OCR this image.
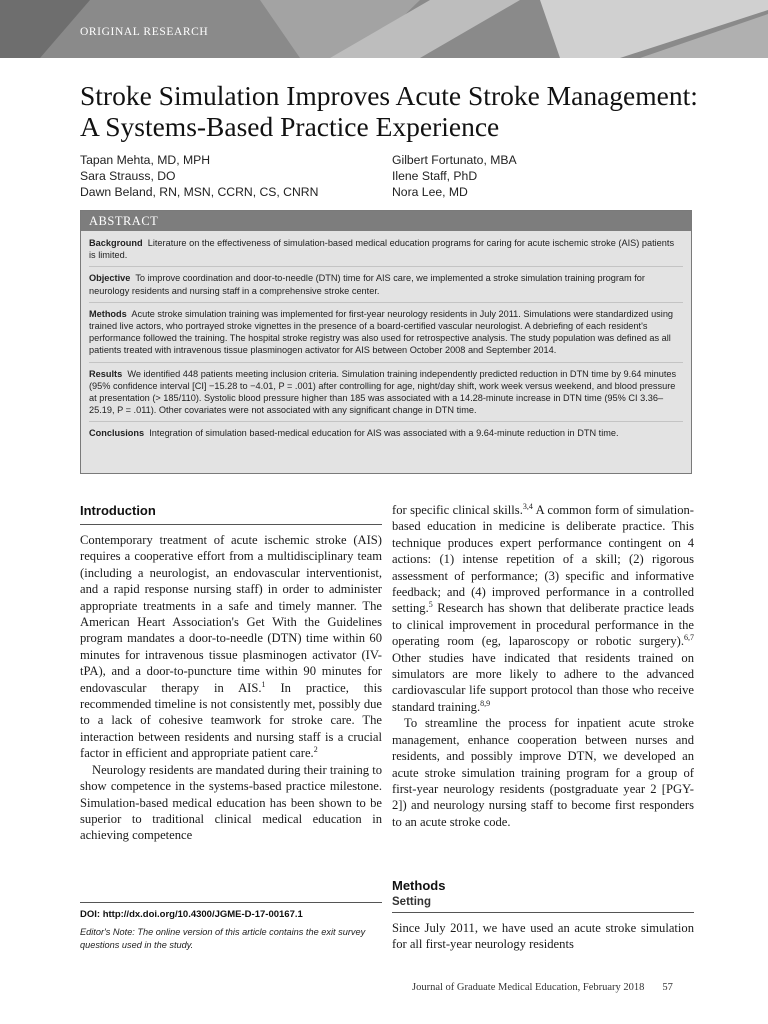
ORIGINAL RESEARCH
Stroke Simulation Improves Acute Stroke Management: A Systems-Based Practice Experience
Tapan Mehta, MD, MPH
Sara Strauss, DO
Dawn Beland, RN, MSN, CCRN, CS, CNRN
Gilbert Fortunato, MBA
Ilene Staff, PhD
Nora Lee, MD
ABSTRACT

Background Literature on the effectiveness of simulation-based medical education programs for caring for acute ischemic stroke (AIS) patients is limited.

Objective To improve coordination and door-to-needle (DTN) time for AIS care, we implemented a stroke simulation training program for neurology residents and nursing staff in a comprehensive stroke center.

Methods Acute stroke simulation training was implemented for first-year neurology residents in July 2011. Simulations were standardized using trained live actors, who portrayed stroke vignettes in the presence of a board-certified vascular neurologist. A debriefing of each resident's performance followed the training. The hospital stroke registry was also used for retrospective analysis. The study population was defined as all patients treated with intravenous tissue plasminogen activator for AIS between October 2008 and September 2014.

Results We identified 448 patients meeting inclusion criteria. Simulation training independently predicted reduction in DTN time by 9.64 minutes (95% confidence interval [CI] −15.28 to −4.01, P = .001) after controlling for age, night/day shift, work week versus weekend, and blood pressure at presentation (> 185/110). Systolic blood pressure higher than 185 was associated with a 14.28-minute increase in DTN time (95% CI 3.36–25.19, P = .011). Other covariates were not associated with any significant change in DTN time.

Conclusions Integration of simulation based-medical education for AIS was associated with a 9.64-minute reduction in DTN time.

Introduction

Contemporary treatment of acute ischemic stroke (AIS) requires a cooperative effort from a multidisciplinary team (including a neurologist, an endovascular interventionist, and a rapid response nursing staff) in order to administer appropriate treatments in a safe and timely manner. The American Heart Association's Get With the Guidelines program mandates a door-to-needle (DTN) time within 60 minutes for intravenous tissue plasminogen activator (IV-tPA), and a door-to-puncture time within 90 minutes for endovascular therapy in AIS.$^1$ In practice, this recommended timeline is not consistently met, possibly due to a lack of cohesive teamwork for stroke care. The interaction between residents and nursing staff is a crucial factor in efficient and appropriate patient care.$^2$

Neurology residents are mandated during their training to show competence in the systems-based practice milestone. Simulation-based medical education has been shown to be superior to traditional clinical medical education in achieving competence

for specific clinical skills.$^{3,4}$ A common form of simulation-based education in medicine is deliberate practice. This technique produces expert performance contingent on 4 actions: (1) intense repetition of a skill; (2) rigorous assessment of performance; (3) specific and informative feedback; and (4) improved performance in a controlled setting.$^5$ Research has shown that deliberate practice leads to clinical improvement in procedural performance in the operating room (eg, laparoscopy or robotic surgery).$^{6,7}$ Other studies have indicated that residents trained on simulators are more likely to adhere to the advanced cardiovascular life support protocol than those who receive standard training.$^{8,9}$

To streamline the process for inpatient acute stroke management, enhance cooperation between nurses and residents, and possibly improve DTN, we developed an acute stroke simulation training program for a group of first-year neurology residents (postgraduate year 2 [PGY-2]) and neurology nursing staff to become first responders to an acute stroke code.

Methods
Setting

Since July 2011, we have used an acute stroke simulation for all first-year neurology residents

DOI: http://dx.doi.org/10.4300/JGME-D-17-00167.1
Editor's Note: The online version of this article contains the exit survey questions used in the study.
Journal of Graduate Medical Education, February 2018 57
